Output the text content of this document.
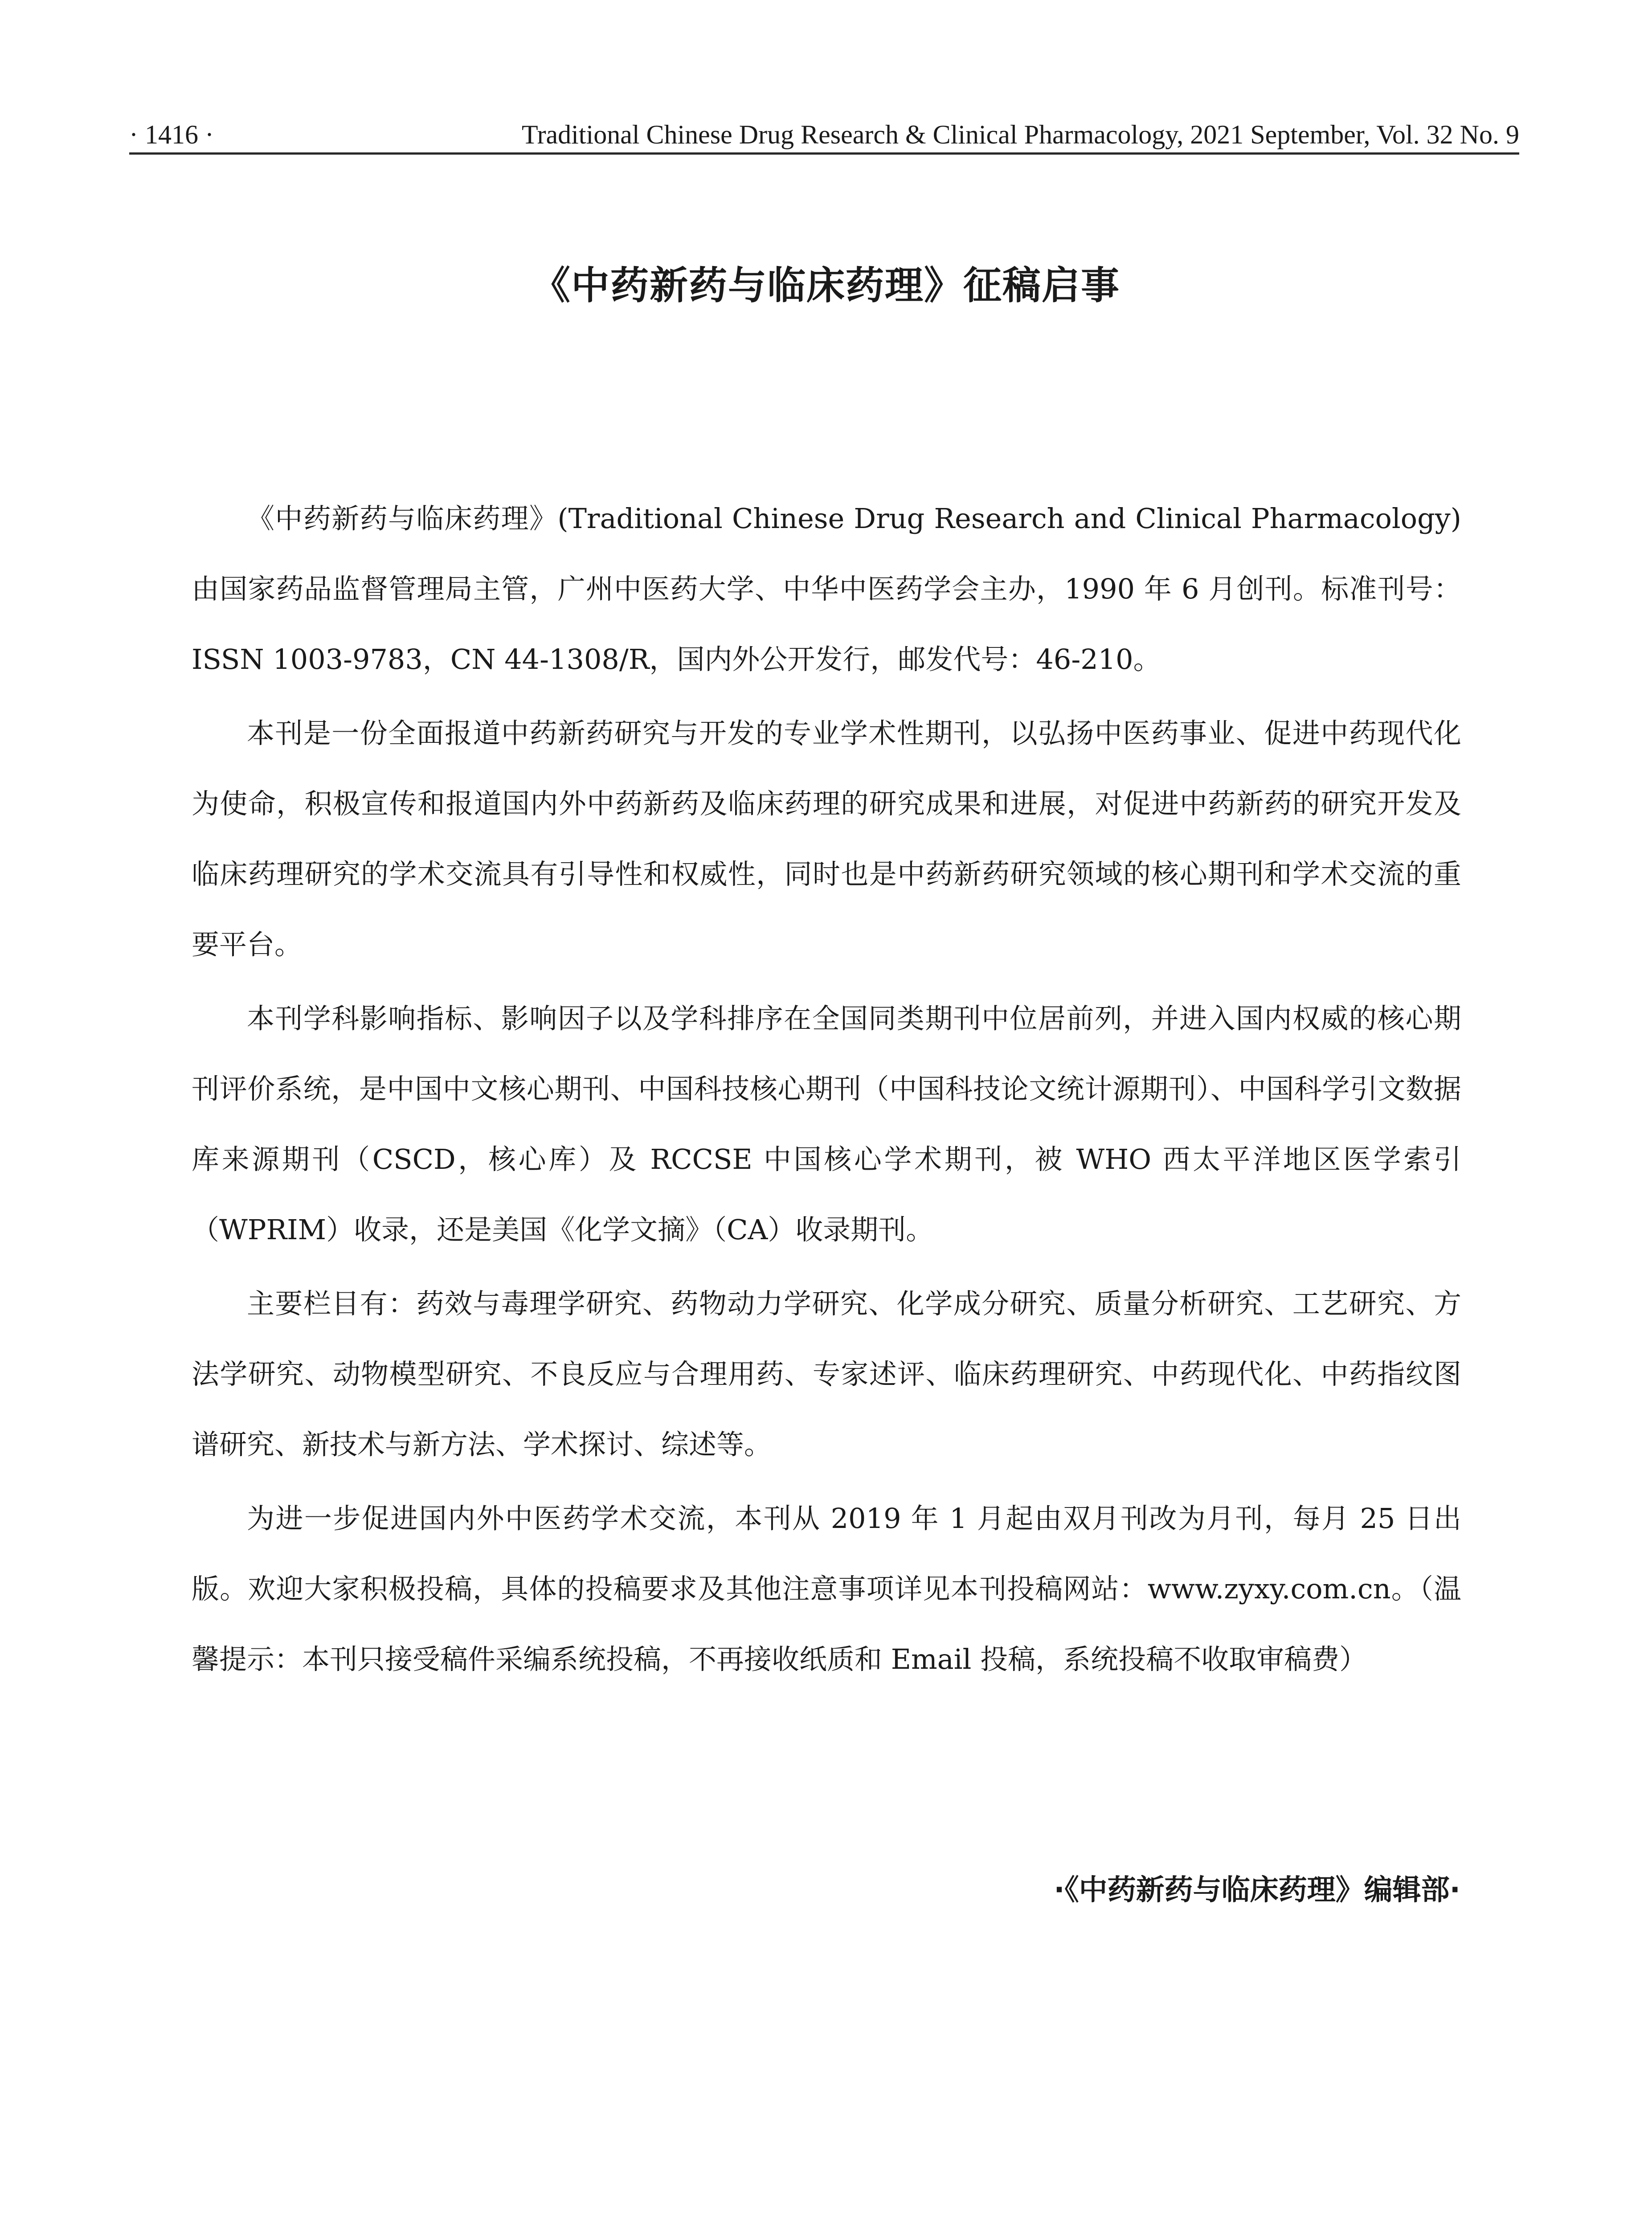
· 1416 ·	Traditional Chinese Drug Research & Clinical Pharmacology, 2021 September, Vol. 32 No. 9
《中药新药与临床药理》征稿启事

《中药新药与临床药理》(Traditional Chinese Drug Research and Clinical Pharmacology) 由国家药品监督管理局主管，广州中医药大学、中华中医药学会主办，1990 年 6 月创刊。标准刊号：ISSN 1003-9783，CN 44-1308/R，国内外公开发行，邮发代号：46-210。

本刊是一份全面报道中药新药研究与开发的专业学术性期刊，以弘扬中医药事业、促进中药现代化为使命，积极宣传和报道国内外中药新药及临床药理的研究成果和进展，对促进中药新药的研究开发及临床药理研究的学术交流具有引导性和权威性，同时也是中药新药研究领域的核心期刊和学术交流的重要平台。

本刊学科影响指标、影响因子以及学科排序在全国同类期刊中位居前列，并进入国内权威的核心期刊评价系统，是中国中文核心期刊、中国科技核心期刊（中国科技论文统计源期刊）、中国科学引文数据库来源期刊（CSCD，核心库）及 RCCSE 中国核心学术期刊，被 WHO 西太平洋地区医学索引（WPRIM）收录，还是美国《化学文摘》（CA）收录期刊。

主要栏目有：药效与毒理学研究、药物动力学研究、化学成分研究、质量分析研究、工艺研究、方法学研究、动物模型研究、不良反应与合理用药、专家述评、临床药理研究、中药现代化、中药指纹图谱研究、新技术与新方法、学术探讨、综述等。

为进一步促进国内外中医药学术交流，本刊从 2019 年 1 月起由双月刊改为月刊，每月 25 日出版。欢迎大家积极投稿，具体的投稿要求及其他注意事项详见本刊投稿网站：www.zyxy.com.cn。（温馨提示：本刊只接受稿件采编系统投稿，不再接收纸质和 Email 投稿，系统投稿不收取审稿费）

·《中药新药与临床药理》编辑部·
